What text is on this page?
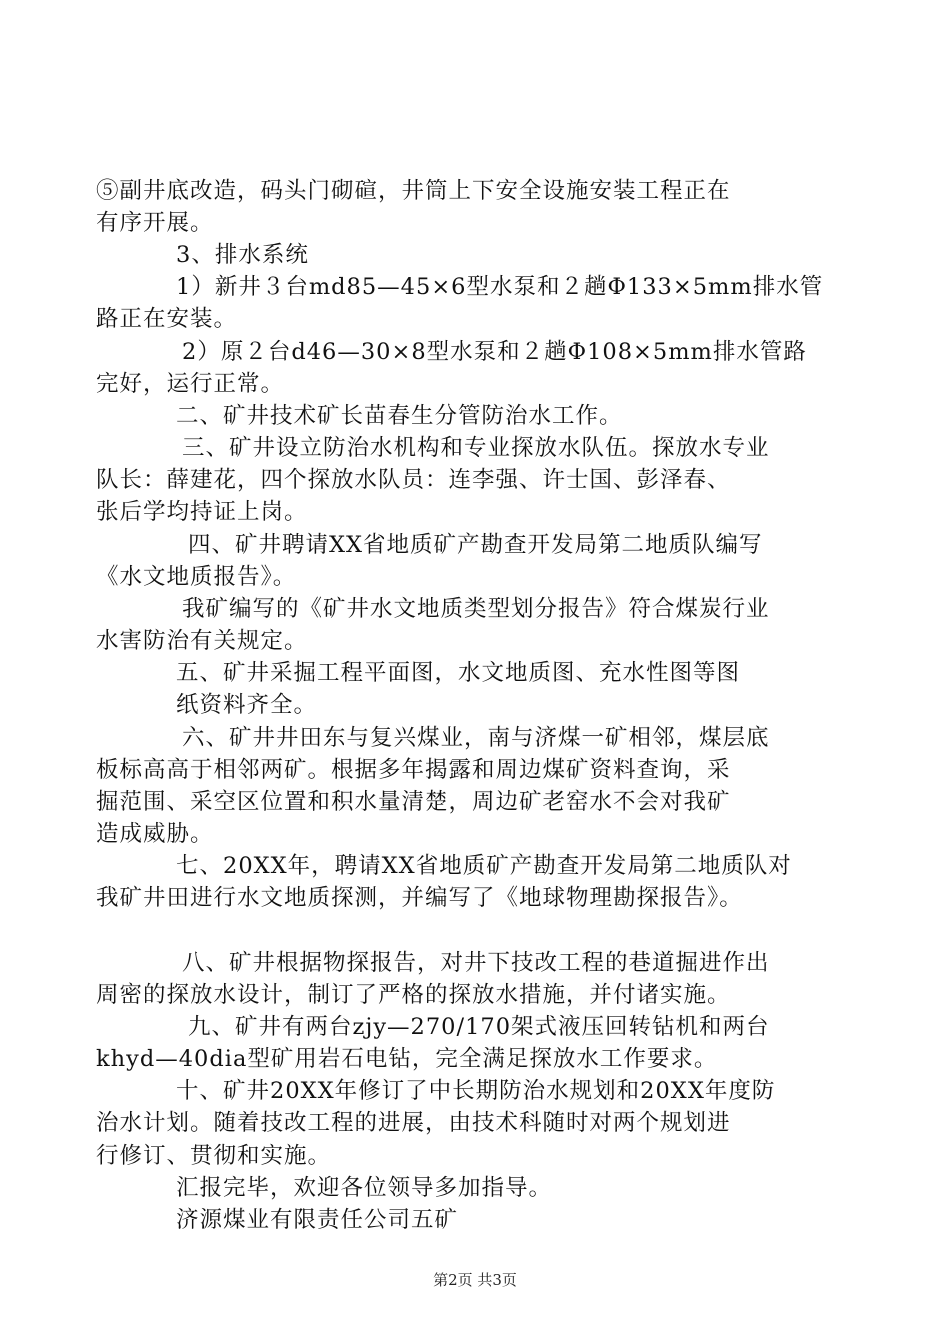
⑤副井底改造，码头门砌碹，井筒上下安全设施安装工程正在
有序开展。
3、排水系统
1）新井３台md85—45×6型水泵和２趟Φ133×5mm排水管
路正在安装。
2）原２台d46—30×8型水泵和２趟Φ108×5mm排水管路
完好，运行正常。
二、矿井技术矿长苗春生分管防治水工作。
三、矿井设立防治水机构和专业探放水队伍。探放水专业
队长：薛建花，四个探放水队员：连李强、许士国、彭泽春、
张后学均持证上岗。
四、矿井聘请XX省地质矿产勘查开发局第二地质队编写
《水文地质报告》。
我矿编写的《矿井水文地质类型划分报告》符合煤炭行业
水害防治有关规定。
五、矿井采掘工程平面图，水文地质图、充水性图等图
纸资料齐全。
六、矿井井田东与复兴煤业，南与济煤一矿相邻，煤层底
板标高高于相邻两矿。根据多年揭露和周边煤矿资料查询，采
掘范围、采空区位置和积水量清楚，周边矿老窑水不会对我矿
造成威胁。
七、20XX年，聘请XX省地质矿产勘查开发局第二地质队对
我矿井田进行水文地质探测，并编写了《地球物理勘探报告》。
八、矿井根据物探报告，对井下技改工程的巷道掘进作出
周密的探放水设计，制订了严格的探放水措施，并付诸实施。
九、矿井有两台zjy—270/170架式液压回转钻机和两台
khyd—40dia型矿用岩石电钻，完全满足探放水工作要求。
十、矿井20XX年修订了中长期防治水规划和20XX年度防
治水计划。随着技改工程的进展，由技术科随时对两个规划进
行修订、贯彻和实施。
汇报完毕，欢迎各位领导多加指导。
济源煤业有限责任公司五矿
第2页 共3页
